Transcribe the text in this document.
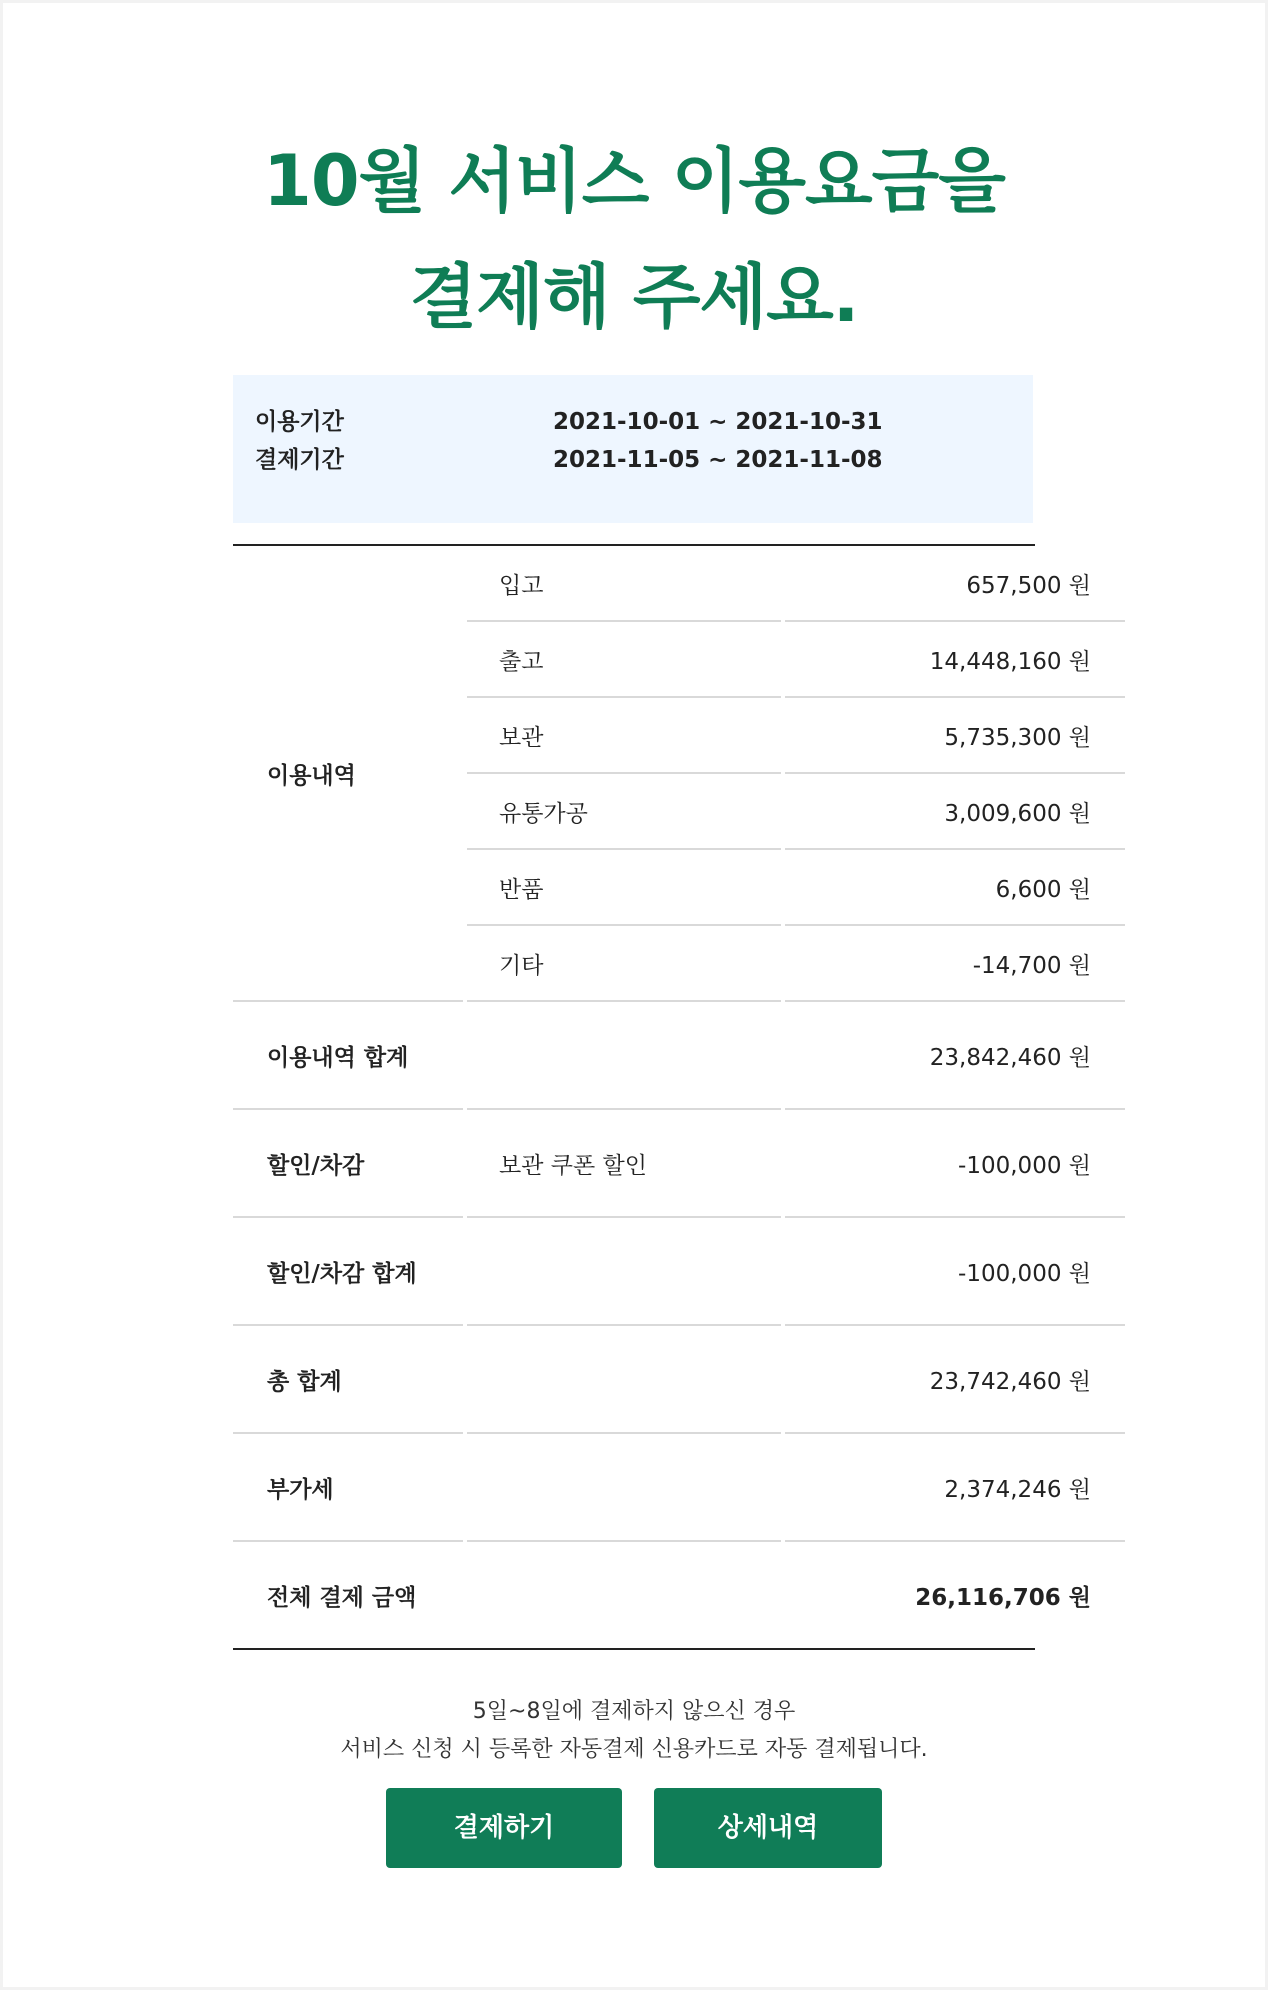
10월 서비스 이용요금을
결제해 주세요.
이용기간	2021-10-01 ~ 2021-10-31
결제기간	2021-11-05 ~ 2021-11-08
이용내역	입고	657,500 원
	출고	14,448,160 원
	보관	5,735,300 원
	유통가공	3,009,600 원
	반품	6,600 원
	기타	-14,700 원
이용내역 합계		23,842,460 원
할인/차감	보관 쿠폰 할인	-100,000 원
할인/차감 합계		-100,000 원
총 합계		23,742,460 원
부가세		2,374,246 원
전체 결제 금액		26,116,706 원
5일~8일에 결제하지 않으신 경우
서비스 신청 시 등록한 자동결제 신용카드로 자동 결제됩니다.
결제하기	상세내역
